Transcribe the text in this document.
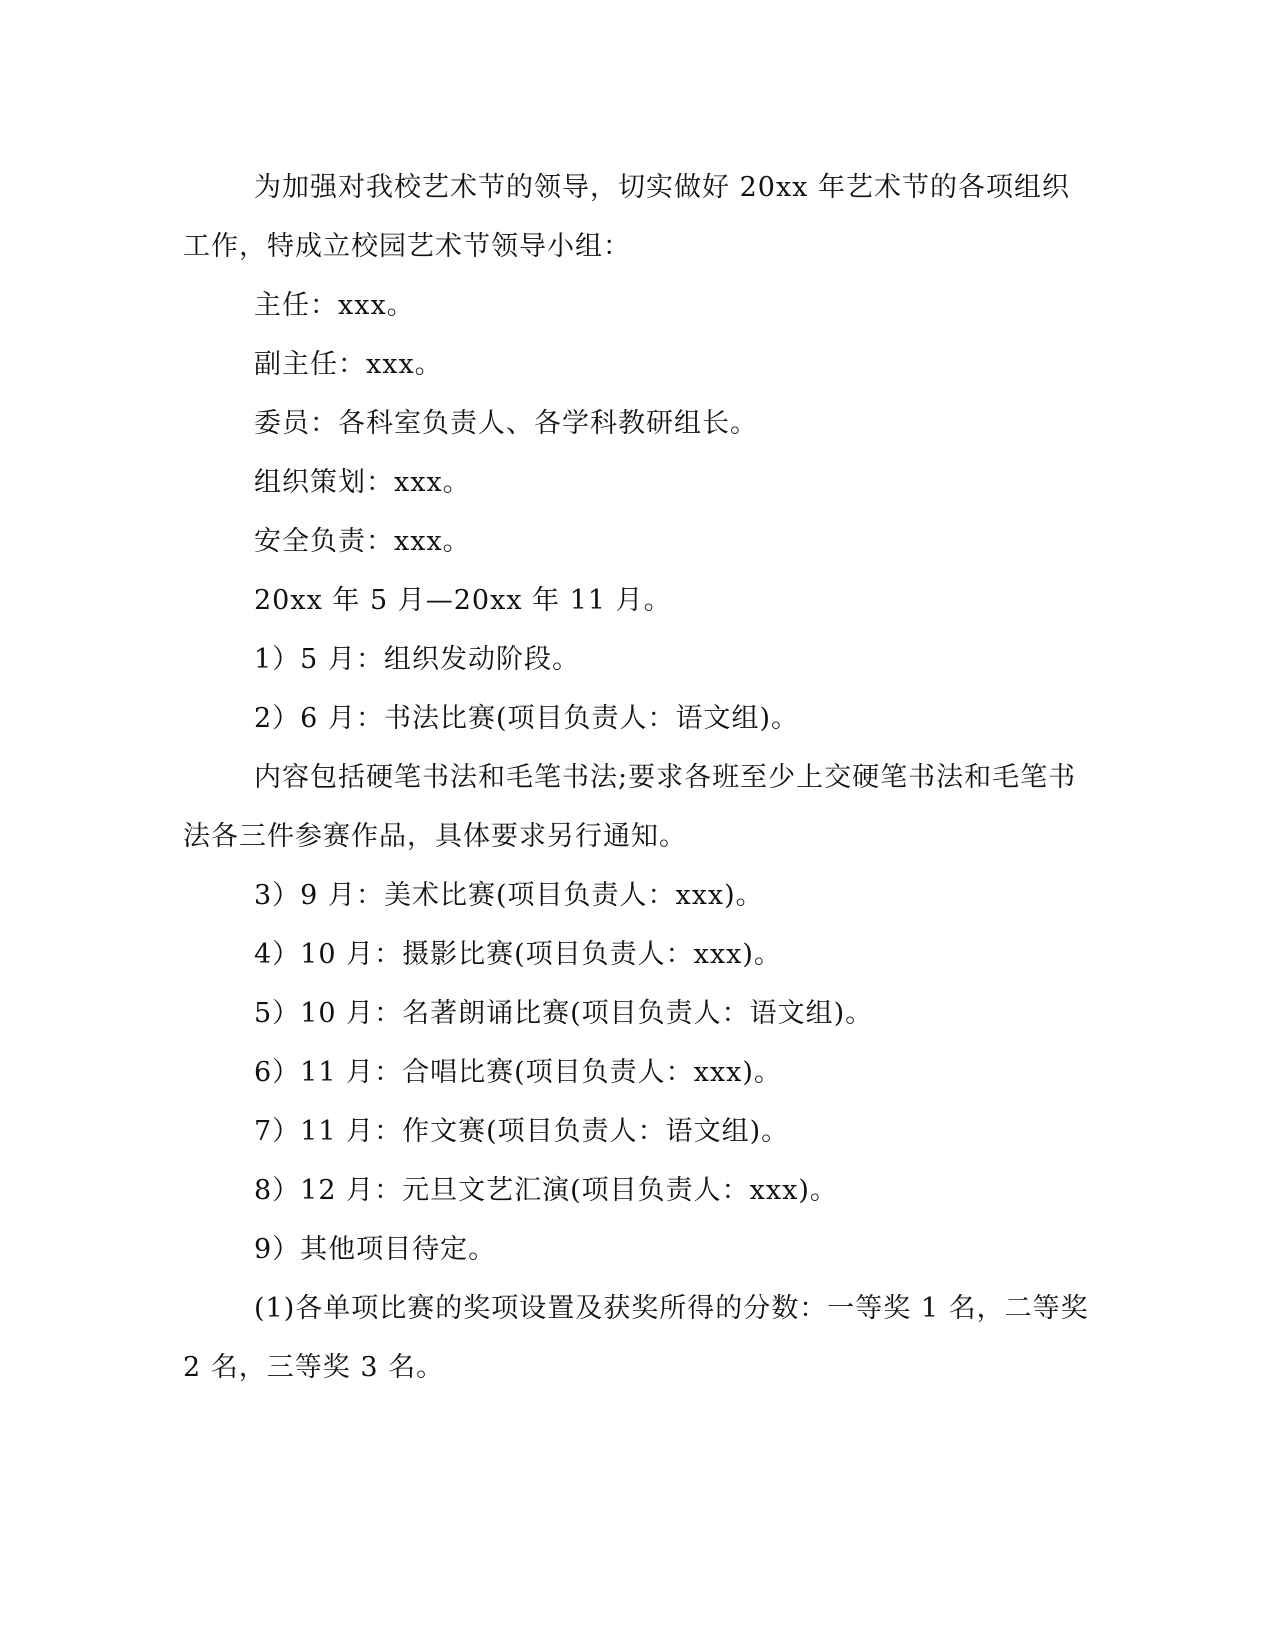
为加强对我校艺术节的领导，切实做好 20xx 年艺术节的各项组织工作，特成立校园艺术节领导小组：

主任：xxx。

副主任：xxx。

委员：各科室负责人、各学科教研组长。

组织策划：xxx。

安全负责：xxx。

20xx 年 5 月—20xx 年 11 月。

1）5 月：组织发动阶段。

2）6 月：书法比赛(项目负责人：语文组)。

内容包括硬笔书法和毛笔书法;要求各班至少上交硬笔书法和毛笔书法各三件参赛作品，具体要求另行通知。

3）9 月：美术比赛(项目负责人：xxx)。

4）10 月：摄影比赛(项目负责人：xxx)。

5）10 月：名著朗诵比赛(项目负责人：语文组)。

6）11 月：合唱比赛(项目负责人：xxx)。

7）11 月：作文赛(项目负责人：语文组)。

8）12 月：元旦文艺汇演(项目负责人：xxx)。

9）其他项目待定。

(1)各单项比赛的奖项设置及获奖所得的分数：一等奖 1 名，二等奖 2 名，三等奖 3 名。
